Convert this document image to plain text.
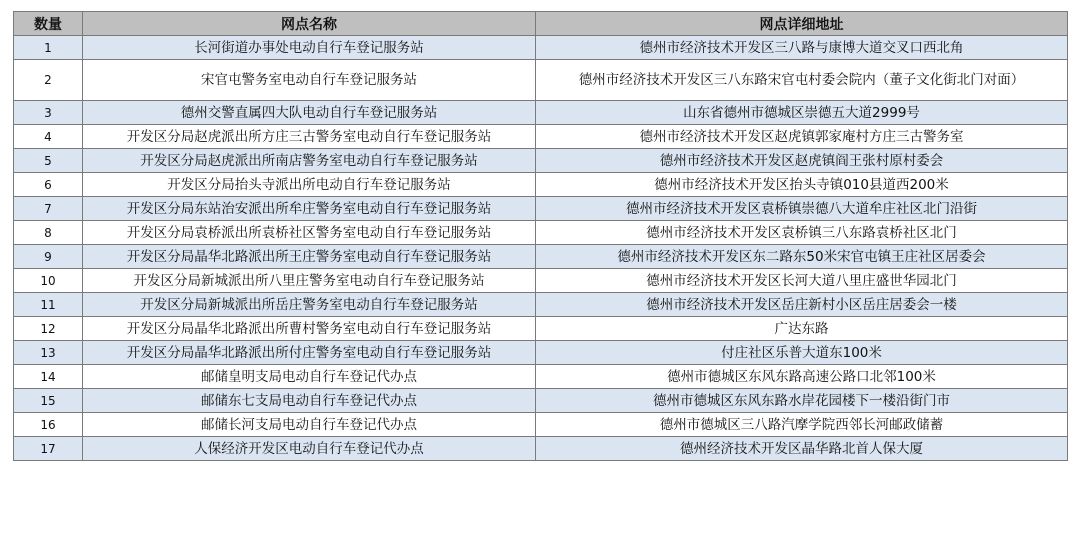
数量	网点名称	网点详细地址
1	长河街道办事处电动自行车登记服务站	德州市经济技术开发区三八路与康博大道交叉口西北角
2	宋官屯警务室电动自行车登记服务站	德州市经济技术开发区三八东路宋官屯村委会院内（董子文化街北门对面）
3	德州交警直属四大队电动自行车登记服务站	山东省德州市德城区崇德五大道2999号
4	开发区分局赵虎派出所方庄三古警务室电动自行车登记服务站	德州市经济技术开发区赵虎镇郭家庵村方庄三古警务室
5	开发区分局赵虎派出所南店警务室电动自行车登记服务站	德州市经济技术开发区赵虎镇阎王张村原村委会
6	开发区分局抬头寺派出所电动自行车登记服务站	德州市经济技术开发区抬头寺镇010县道西200米
7	开发区分局东站治安派出所牟庄警务室电动自行车登记服务站	德州市经济技术开发区袁桥镇崇德八大道牟庄社区北门沿街
8	开发区分局袁桥派出所袁桥社区警务室电动自行车登记服务站	德州市经济技术开发区袁桥镇三八东路袁桥社区北门
9	开发区分局晶华北路派出所王庄警务室电动自行车登记服务站	德州市经济技术开发区东二路东50米宋官屯镇王庄社区居委会
10	开发区分局新城派出所八里庄警务室电动自行车登记服务站	德州市经济技术开发区长河大道八里庄盛世华园北门
11	开发区分局新城派出所岳庄警务室电动自行车登记服务站	德州市经济技术开发区岳庄新村小区岳庄居委会一楼
12	开发区分局晶华北路派出所曹村警务室电动自行车登记服务站	广达东路
13	开发区分局晶华北路派出所付庄警务室电动自行车登记服务站	付庄社区乐普大道东100米
14	邮储皇明支局电动自行车登记代办点	德州市德城区东风东路高速公路口北邻100米
15	邮储东七支局电动自行车登记代办点	德州市德城区东风东路水岸花园楼下一楼沿街门市
16	邮储长河支局电动自行车登记代办点	德州市德城区三八路汽摩学院西邻长河邮政储蓄
17	人保经济开发区电动自行车登记代办点	德州经济技术开发区晶华路北首人保大厦
